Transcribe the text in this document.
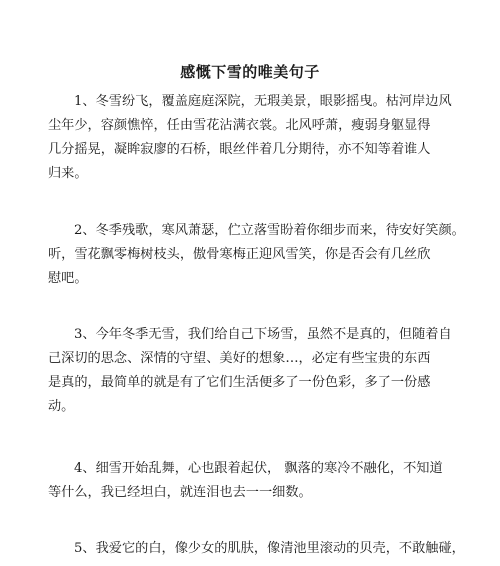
感慨下雪的唯美句子

1、冬雪纷飞，覆盖庭庭深院，无瑕美景，眼影摇曳。枯河岸边风
尘年少，容颜憔悴，任由雪花沾满衣裳。北风呼萧，瘦弱身躯显得
几分摇晃，凝眸寂廖的石桥，眼丝伴着几分期待，亦不知等着谁人
归来。

2、冬季残歌，寒风萧瑟，伫立落雪盼着你细步而来，待安好笑颜。
听，雪花飘零梅树枝头，傲骨寒梅正迎风雪笑，你是否会有几丝欣
慰吧。

3、今年冬季无雪，我们给自己下场雪，虽然不是真的，但随着自
己深切的思念、深情的守望、美好的想象…，必定有些宝贵的东西
是真的，最简单的就是有了它们生活便多了一份色彩，多了一份感
动。

4、细雪开始乱舞，心也跟着起伏， 飘落的寒冷不融化，不知道
等什么，我已经坦白，就连泪也去一一细数。

5、我爱它的白，像少女的肌肤，像清池里滚动的贝壳，不敢触碰，
